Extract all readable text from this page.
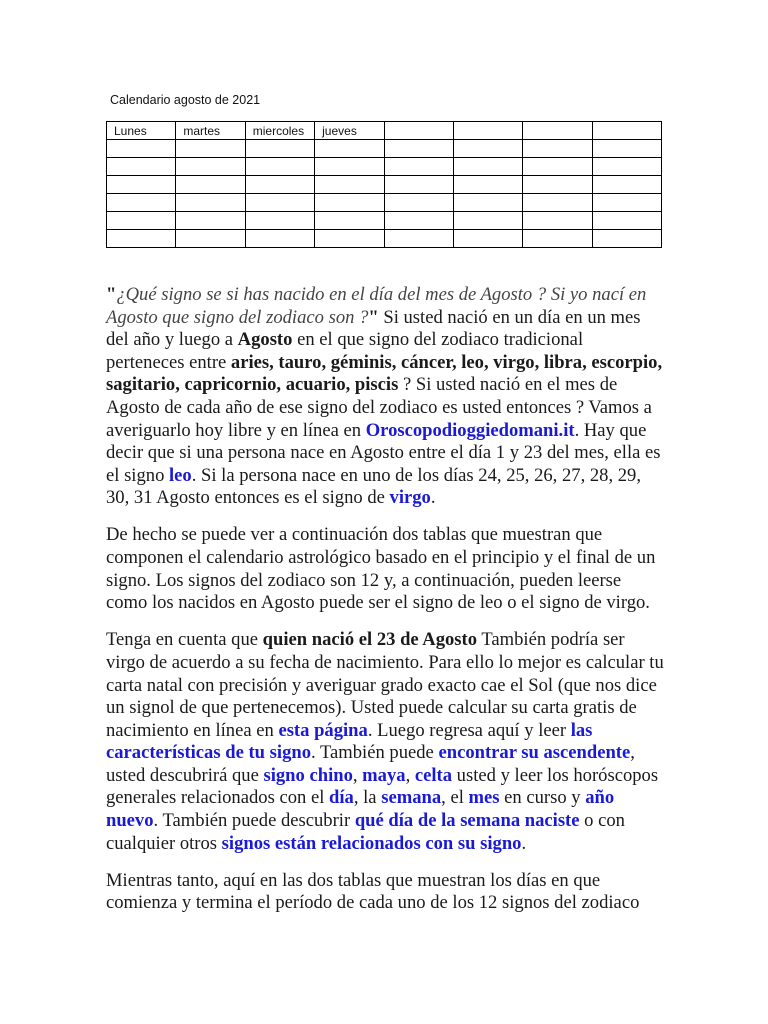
Calendario agosto de 2021
Lunes	martes	miercoles	jueves				

"¿Qué signo se si has nacido en el día del mes de Agosto ? Si yo nací en Agosto que signo del zodiaco son ?" Si usted nació en un día en un mes del año y luego a Agosto en el que signo del zodiaco tradicional perteneces entre aries, tauro, géminis, cáncer, leo, virgo, libra, escorpio, sagitario, capricornio, acuario, piscis ? Si usted nació en el mes de Agosto de cada año de ese signo del zodiaco es usted entonces ? Vamos a averiguarlo hoy libre y en línea en Oroscopodioggiedomani.it. Hay que decir que si una persona nace en Agosto entre el día 1 y 23 del mes, ella es el signo leo. Si la persona nace en uno de los días 24, 25, 26, 27, 28, 29, 30, 31 Agosto entonces es el signo de virgo.

De hecho se puede ver a continuación dos tablas que muestran que componen el calendario astrológico basado en el principio y el final de un signo. Los signos del zodiaco son 12 y, a continuación, pueden leerse como los nacidos en Agosto puede ser el signo de leo o el signo de virgo.

Tenga en cuenta que quien nació el 23 de Agosto También podría ser virgo de acuerdo a su fecha de nacimiento. Para ello lo mejor es calcular tu carta natal con precisión y averiguar grado exacto cae el Sol (que nos dice un signol de que pertenecemos). Usted puede calcular su carta gratis de nacimiento en línea en esta página. Luego regresa aquí y leer las características de tu signo. También puede encontrar su ascendente, usted descubrirá que signo chino, maya, celta usted y leer los horóscopos generales relacionados con el día, la semana, el mes en curso y año nuevo. También puede descubrir qué día de la semana naciste o con cualquier otros signos están relacionados con su signo.

Mientras tanto, aquí en las dos tablas que muestran los días en que comienza y termina el período de cada uno de los 12 signos del zodiaco
